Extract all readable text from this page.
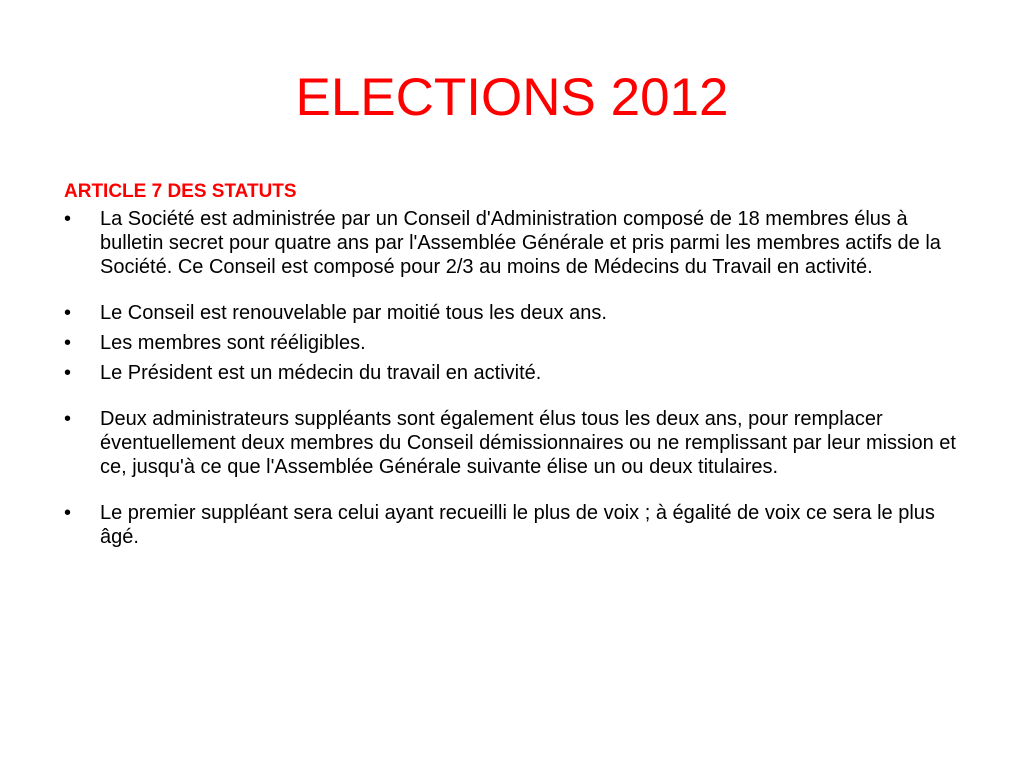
ELECTIONS 2012
ARTICLE 7 DES STATUTS
• La Société est administrée par un Conseil d'Administration composé de 18 membres élus à bulletin secret pour quatre ans par l'Assemblée Générale et pris parmi les membres actifs de la Société. Ce Conseil est composé pour 2/3 au moins de Médecins du Travail en activité.
• Le Conseil est renouvelable par moitié tous les deux ans.
• Les membres sont rééligibles.
• Le Président est un médecin du travail en activité.
• Deux administrateurs suppléants sont également élus tous les deux ans, pour remplacer éventuellement deux membres du Conseil démissionnaires ou ne remplissant par leur mission et ce, jusqu'à ce que l'Assemblée Générale suivante élise un ou deux titulaires.
• Le premier suppléant sera celui ayant recueilli le plus de voix ; à égalité de voix ce sera le plus âgé.
